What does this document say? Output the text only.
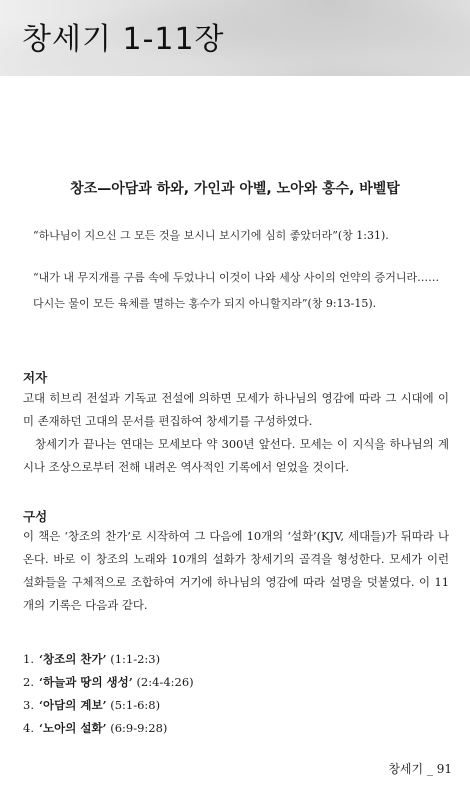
창세기 1-11장
창조—아담과 하와, 가인과 아벨, 노아와 홍수, 바벨탑
“하나님이 지으신 그 모든 것을 보시니 보시기에 심히 좋았더라”(창 1:31).
“내가 내 무지개를 구름 속에 두었나니 이것이 나와 세상 사이의 언약의 증거니라……다시는 물이 모든 육체를 멸하는 홍수가 되지 아니할지라”(창 9:13-15).
저자
고대 히브리 전설과 기독교 전설에 의하면 모세가 하나님의 영감에 따라 그 시대에 이미 존재하던 고대의 문서를 편집하여 창세기를 구성하였다.
창세기가 끝나는 연대는 모세보다 약 300년 앞선다. 모세는 이 지식을 하나님의 계시나 조상으로부터 전해 내려온 역사적인 기록에서 얻었을 것이다.
구성
이 책은 ‘창조의 찬가’로 시작하여 그 다음에 10개의 ‘설화’(KJV, 세대들)가 뒤따라 나온다. 바로 이 창조의 노래와 10개의 설화가 창세기의 골격을 형성한다. 모세가 이런 설화들을 구체적으로 조합하여 거기에 하나님의 영감에 따라 설명을 덧붙였다. 이 11개의 기록은 다음과 같다.
1. ‘창조의 찬가’ (1:1-2:3)
2. ‘하늘과 땅의 생성’ (2:4-4:26)
3. ‘아담의 계보’ (5:1-6:8)
4. ‘노아의 설화’ (6:9-9:28)
창세기 _ 91
